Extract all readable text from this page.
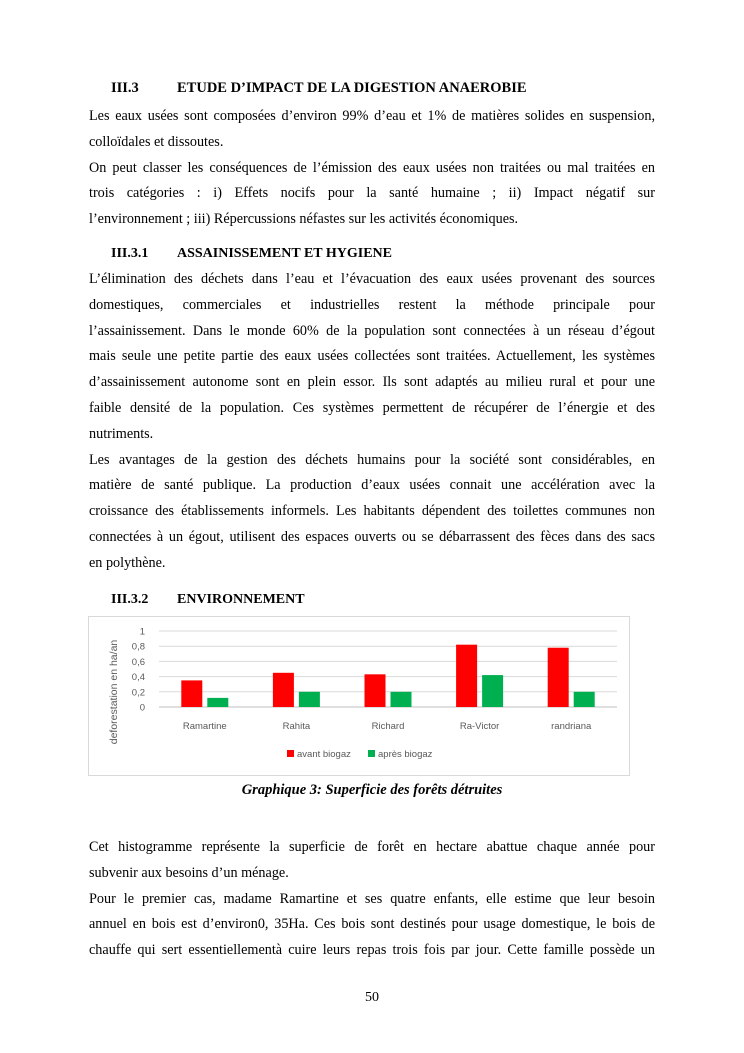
III.3	ETUDE D’IMPACT DE LA DIGESTION ANAEROBIE
Les eaux usées sont composées d’environ 99% d’eau et 1% de matières solides en suspension,
colloïdales et dissoutes.
On peut classer les conséquences de l’émission des eaux usées non traitées ou mal traitées en
trois catégories : i) Effets nocifs pour la santé humaine ; ii) Impact négatif sur
l’environnement ; iii) Répercussions néfastes sur les activités économiques.
III.3.1 ASSAINISSEMENT ET HYGIENE
L’élimination des déchets dans l’eau et l’évacuation des eaux usées provenant des sources
domestiques, commerciales et industrielles restent la méthode principale pour
l’assainissement. Dans le monde 60% de la population sont connectées à un réseau d’égout
mais seule une petite partie des eaux usées collectées sont traitées. Actuellement, les systèmes
d’assainissement autonome sont en plein essor. Ils sont adaptés au milieu rural et pour une
faible densité de la population. Ces systèmes permettent de récupérer de l’énergie et des
nutriments.
Les avantages de la gestion des déchets humains pour la société sont considérables, en
matière de santé publique. La production d’eaux usées connait une accélération avec la
croissance des établissements informels. Les habitants dépendent des toilettes communes non
connectées à un égout, utilisent des espaces ouverts ou se débarrassent des fèces dans des sacs
en polythène.
III.3.2 ENVIRONNEMENT
0
0,2
0,4
0,6
0,8
1
Ramartine	Rahita	Richard	Ra-Victor	randriana
deforestation en ha/an
avant biogaz	après biogaz
Graphique 3: Superficie des forêts détruites
Cet histogramme représente la superficie de forêt en hectare abattue chaque année pour
subvenir aux besoins d’un ménage.
Pour le premier cas, madame Ramartine et ses quatre enfants, elle estime que leur besoin
annuel en bois est d’environ0, 35Ha. Ces bois sont destinés pour usage domestique, le bois de
chauffe qui sert essentiellementà cuire leurs repas trois fois par jour. Cette famille possède un
50
